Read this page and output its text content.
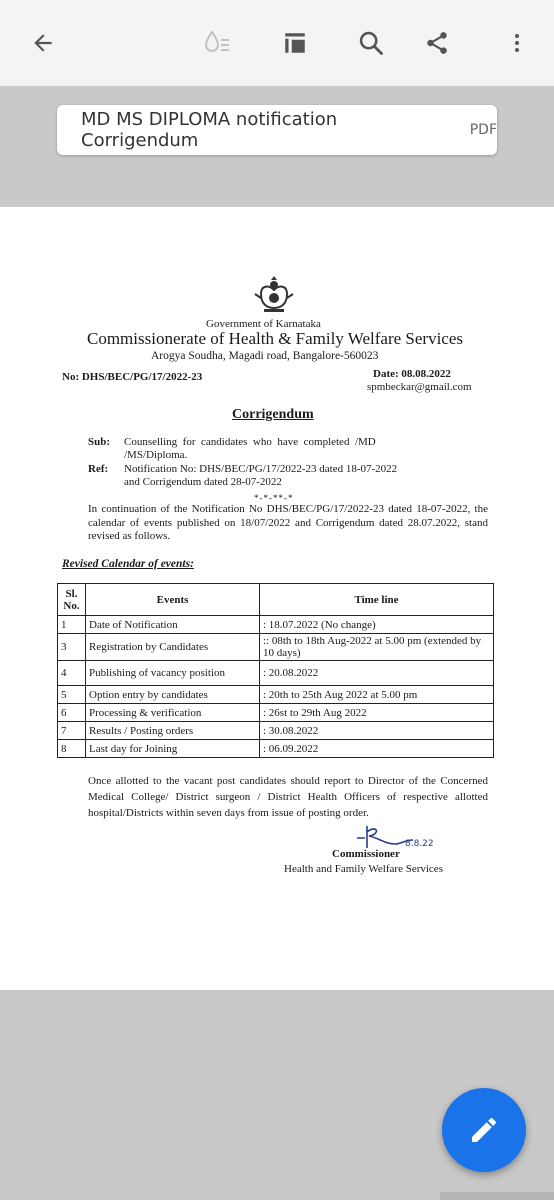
MD MS DIPLOMA notification Corrigendum	PDF
Government of Karnataka
Commissionerate of Health & Family Welfare Services
Arogya Soudha, Magadi road, Bangalore-560023
No: DHS/BEC/PG/17/2022-23	Date: 08.08.2022
spmbeckar@gmail.com
Corrigendum
Sub: Counselling  for  candidates  who  have  completed  /MD
/MS/Diploma.
Ref: Notification No: DHS/BEC/PG/17/2022-23 dated 18-07-2022
and Corrigendum dated 28-07-2022
*-*-**-*
In continuation of the Notification No DHS/BEC/PG/17/2022-23 dated 18-07-2022, the calendar of events published on 18/07/2022 and Corrigendum dated 28.07.2022, stand revised as follows.
Revised Calendar of events:
Sl. No.	Events	Time line
1	Date of Notification	: 18.07.2022 (No change)
3	Registration by Candidates	:: 08th to 18th Aug-2022 at 5.00 pm (extended by 10 days)
4	Publishing of vacancy position	: 20.08.2022
5	Option entry by candidates	: 20th to 25th Aug 2022 at 5.00 pm
6	Processing & verification	: 26st to 29th Aug 2022
7	Results / Posting orders	: 30.08.2022
8	Last day for Joining	: 06.09.2022
Once allotted to the vacant post candidates should report to Director of the Concerned Medical College/ District surgeon / District Health Officers of respective allotted hospital/Districts within seven days from issue of posting order.
8.8.22
Commissioner
Health and Family Welfare Services
